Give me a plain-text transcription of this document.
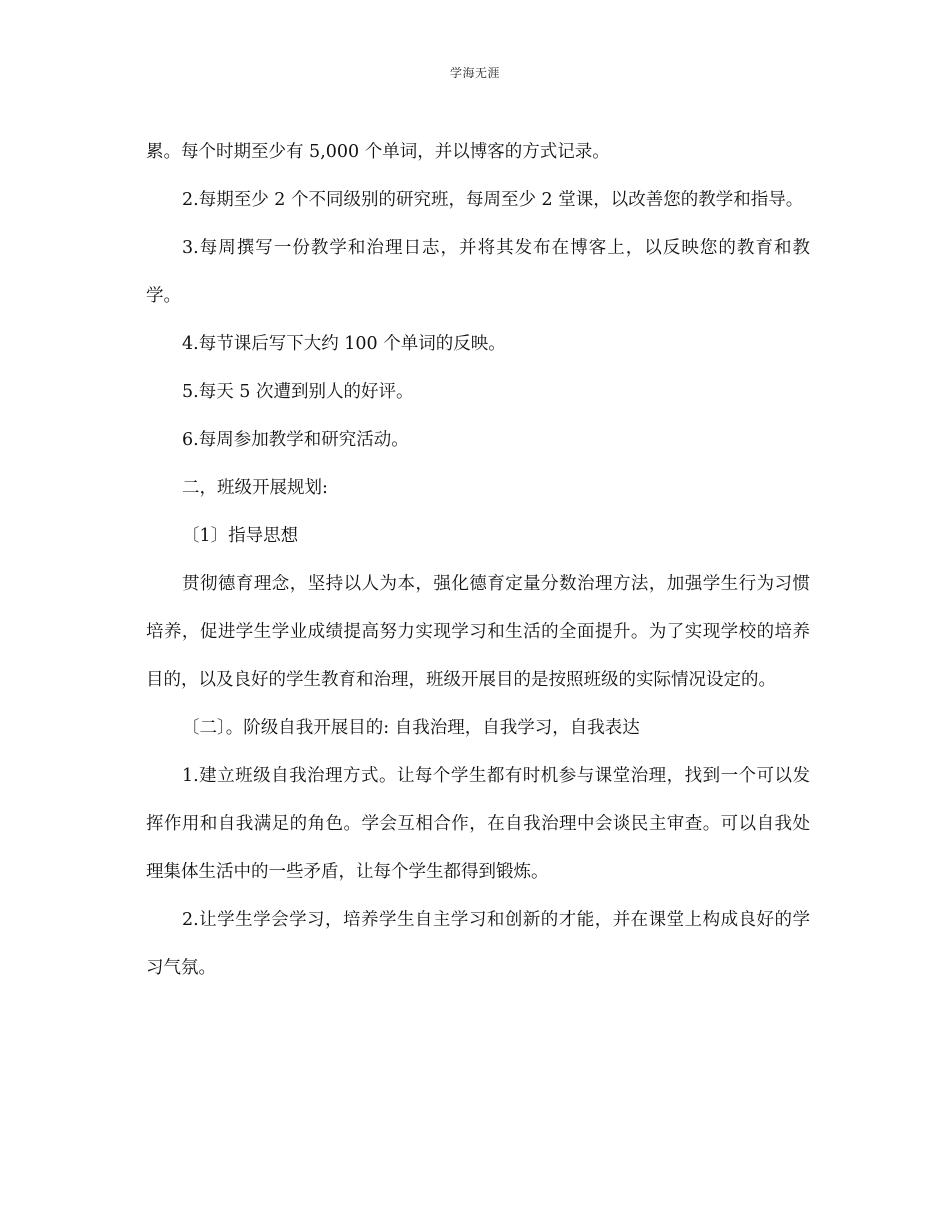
学海无涯

累。每个时期至少有 5,000 个单词，并以博客的方式记录。

2.每期至少 2 个不同级别的研究班，每周至少 2 堂课，以改善您的教学和指导。

3.每周撰写一份教学和治理日志，并将其发布在博客上，以反映您的教育和教学。

4.每节课后写下大约 100 个单词的反映。

5.每天 5 次遭到别人的好评。

6.每周参加教学和研究活动。

二，班级开展规划:

〔1〕指导思想

贯彻德育理念，坚持以人为本，强化德育定量分数治理方法，加强学生行为习惯培养，促进学生学业成绩提高努力实现学习和生活的全面提升。为了实现学校的培养目的，以及良好的学生教育和治理，班级开展目的是按照班级的实际情况设定的。

〔二〕。阶级自我开展目的: 自我治理，自我学习，自我表达

1.建立班级自我治理方式。让每个学生都有时机参与课堂治理，找到一个可以发挥作用和自我满足的角色。学会互相合作，在自我治理中会谈民主审查。可以自我处理集体生活中的一些矛盾，让每个学生都得到锻炼。

2.让学生学会学习，培养学生自主学习和创新的才能，并在课堂上构成良好的学习气氛。
